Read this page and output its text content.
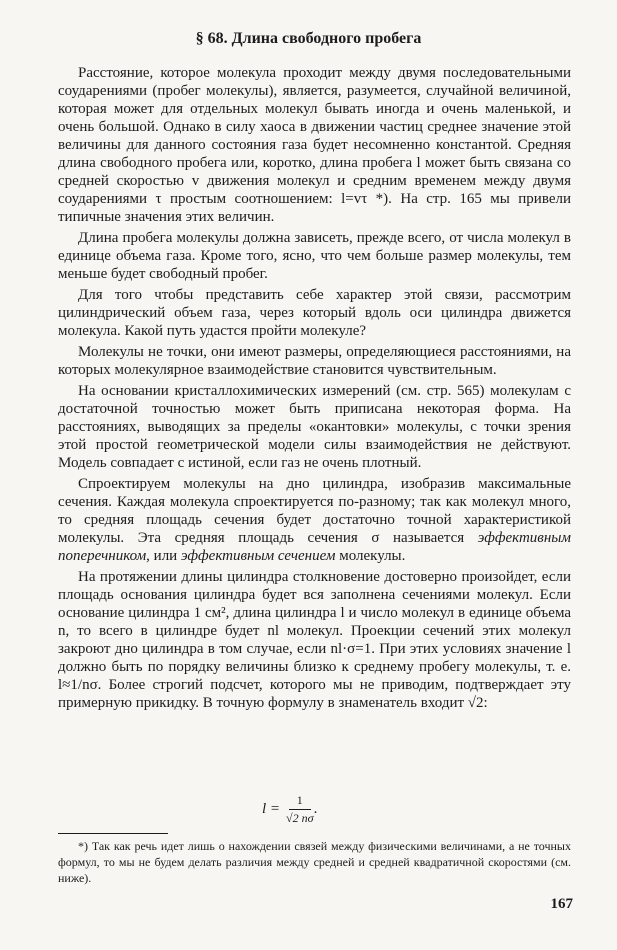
§ 68. Длина свободного пробега

Расстояние, которое молекула проходит между двумя последовательными соударениями (пробег молекулы), является, разумеется, случайной величиной, которая может для отдельных молекул бывать иногда и очень маленькой, и очень большой. Однако в силу хаоса в движении частиц среднее значение этой величины для данного состояния газа будет несомненно константой. Средняя длина свободного пробега или, коротко, длина пробега l может быть связана со средней скоростью v движения молекул и средним временем между двумя соударениями τ простым соотношением: l=vτ *). На стр. 165 мы привели типичные значения этих величин.

Длина пробега молекулы должна зависеть, прежде всего, от числа молекул в единице объема газа. Кроме того, ясно, что чем больше размер молекулы, тем меньше будет свободный пробег.

Для того чтобы представить себе характер этой связи, рассмотрим цилиндрический объем газа, через который вдоль оси цилиндра движется молекула. Какой путь удастся пройти молекуле?

Молекулы не точки, они имеют размеры, определяющиеся расстояниями, на которых молекулярное взаимодействие становится чувствительным.

На основании кристаллохимических измерений (см. стр. 565) молекулам с достаточной точностью может быть приписана некоторая форма. На расстояниях, выводящих за пределы «окантовки» молекулы, с точки зрения этой простой геометрической модели силы взаимодействия не действуют. Модель совпадает с истиной, если газ не очень плотный.

Спроектируем молекулы на дно цилиндра, изобразив максимальные сечения. Каждая молекула спроектируется по-разному; так как молекул много, то средняя площадь сечения будет достаточно точной характеристикой молекулы. Эта средняя площадь сечения σ называется эффективным поперечником, или эффективным сечением молекулы.

На протяжении длины цилиндра столкновение достоверно произойдет, если площадь основания цилиндра будет вся заполнена сечениями молекул. Если основание цилиндра 1 см², длина цилиндра l и число молекул в единице объема n, то всего в цилиндре будет nl молекул. Проекции сечений этих молекул закроют дно цилиндра в том случае, если nl·σ=1. При этих условиях значение l должно быть по порядку величины близко к среднему пробегу молекулы, т. е. l≈1/nσ. Более строгий подсчет, которого мы не приводим, подтверждает эту примерную прикидку. В точную формулу в знаменатель входит √2:

$l = \frac{1}{√2 n\sigma}$ .
*) Так как речь идет лишь о нахождении связей между физическими величинами, а не точных формул, то мы не будем делать различия между средней и средней квадратичной скоростями (см. ниже).
167
